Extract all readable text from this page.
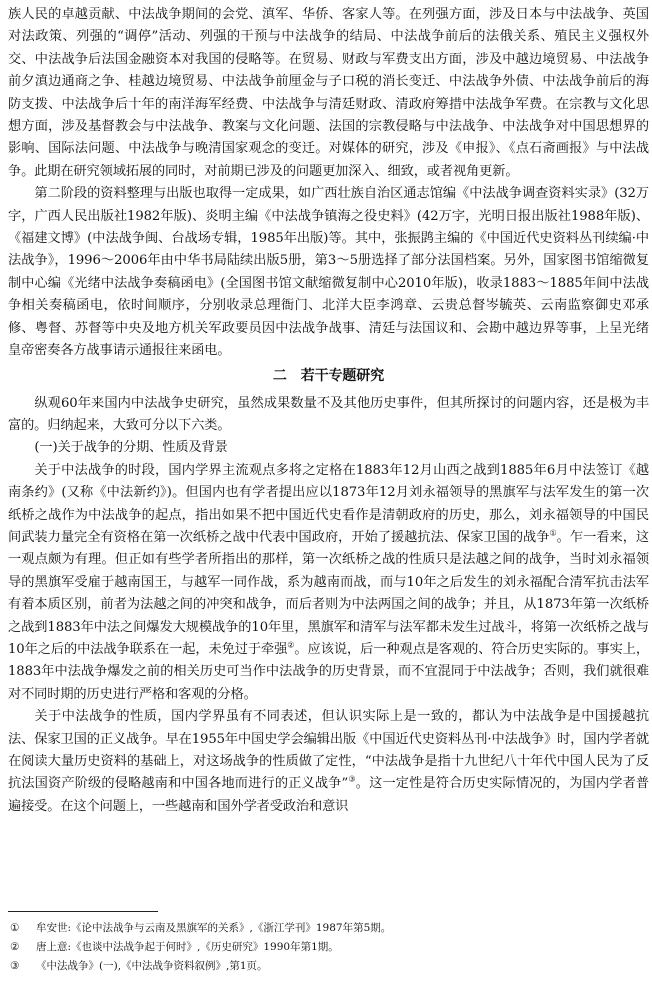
族人民的卓越贡献、中法战争期间的会党、滇军、华侨、客家人等。在列强方面，涉及日本与中法战争、英国对法政策、列强的“调停”活动、列强的干预与中法战争的结局、中法战争前后的法俄关系、殖民主义强权外交、中法战争后法国金融资本对我国的侵略等。在贸易、财政与军费支出方面，涉及中越边境贸易、中法战争前夕滇边通商之争、桂越边境贸易、中法战争前厘金与子口税的消长变迁、中法战争外债、中法战争前后的海防支拨、中法战争后十年的南洋海军经费、中法战争与清廷财政、清政府筹措中法战争军费。在宗教与文化思想方面，涉及基督教会与中法战争、教案与文化问题、法国的宗教侵略与中法战争、中法战争对中国思想界的影响、国际法问题、中法战争与晚清国家观念的变迁。对媒体的研究，涉及《申报》、《点石斋画报》与中法战争。此期在研究领域拓展的同时，对前期已涉及的问题更加深入、细致，或者视角更新。

第二阶段的资料整理与出版也取得一定成果，如广西壮族自治区通志馆编《中法战争调查资料实录》(32万字，广西人民出版社1982年版)、炎明主编《中法战争镇海之役史料》(42万字，光明日报出版社1988年版)、《福建文博》(中法战争闽、台战场专辑，1985年出版)等。其中，张振鹍主编的《中国近代史资料丛刊续编·中法战争》，1996～2006年由中华书局陆续出版5册，第3～5册选择了部分法国档案。另外，国家图书馆缩微复制中心编《光绪中法战争奏稿函电》(全国图书馆文献缩微复制中心2010年版)，收录1883～1885年间中法战争相关奏稿函电，依时间顺序，分别收录总理衙门、北洋大臣李鸿章、云贵总督岑毓英、云南监察御史邓承修、粤督、苏督等中央及地方机关军政要员因中法战争战事、清廷与法国议和、会勘中越边界等事，上呈光绪皇帝密奏各方战事请示通报往来函电。

二　若干专题研究

纵观60年来国内中法战争史研究，虽然成果数量不及其他历史事件，但其所探讨的问题内容，还是极为丰富的。归纳起来，大致可分以下六类。

(一)关于战争的分期、性质及背景

关于中法战争的时段，国内学界主流观点多将之定格在1883年12月山西之战到1885年6月中法签订《越南条约》(又称《中法新约》)。但国内也有学者提出应以1873年12月刘永福领导的黑旗军与法军发生的第一次纸桥之战作为中法战争的起点，指出如果不把中国近代史看作是清朝政府的历史，那么，刘永福领导的中国民间武装力量完全有资格在第一次纸桥之战中代表中国政府，开始了援越抗法、保家卫国的战争①。乍一看来，这一观点颇为有理。但正如有些学者所指出的那样，第一次纸桥之战的性质只是法越之间的战争，当时刘永福领导的黑旗军受雇于越南国王，与越军一同作战，系为越南而战，而与10年之后发生的刘永福配合清军抗击法军有着本质区别，前者为法越之间的冲突和战争，而后者则为中法两国之间的战争；并且，从1873年第一次纸桥之战到1883年中法之间爆发大规模战争的10年里，黑旗军和清军与法军都未发生过战斗，将第一次纸桥之战与10年之后的中法战争联系在一起，未免过于牵强②。应该说，后一种观点是客观的、符合历史实际的。事实上，1883年中法战争爆发之前的相关历史可当作中法战争的历史背景，而不宜混同于中法战争；否则，我们就很难对不同时期的历史进行严格和客观的分格。

关于中法战争的性质，国内学界虽有不同表述，但认识实际上是一致的，都认为中法战争是中国援越抗法、保家卫国的正义战争。早在1955年中国史学会编辑出版《中国近代史资料丛刊·中法战争》时，国内学者就在阅读大量历史资料的基础上，对这场战争的性质做了定性，“中法战争是指十九世纪八十年代中国人民为了反抗法国资产阶级的侵略越南和中国各地而进行的正义战争”③。这一定性是符合历史实际情况的，为国内学者普遍接受。在这个问题上，一些越南和国外学者受政治和意识

① 牟安世:《论中法战争与云南及黑旗军的关系》,《浙江学刊》1987年第5期。

② 唐上意:《也谈中法战争起于何时》,《历史研究》1990年第1期。

③ 《中法战争》(一),《中法战争资料叙例》,第1页。
